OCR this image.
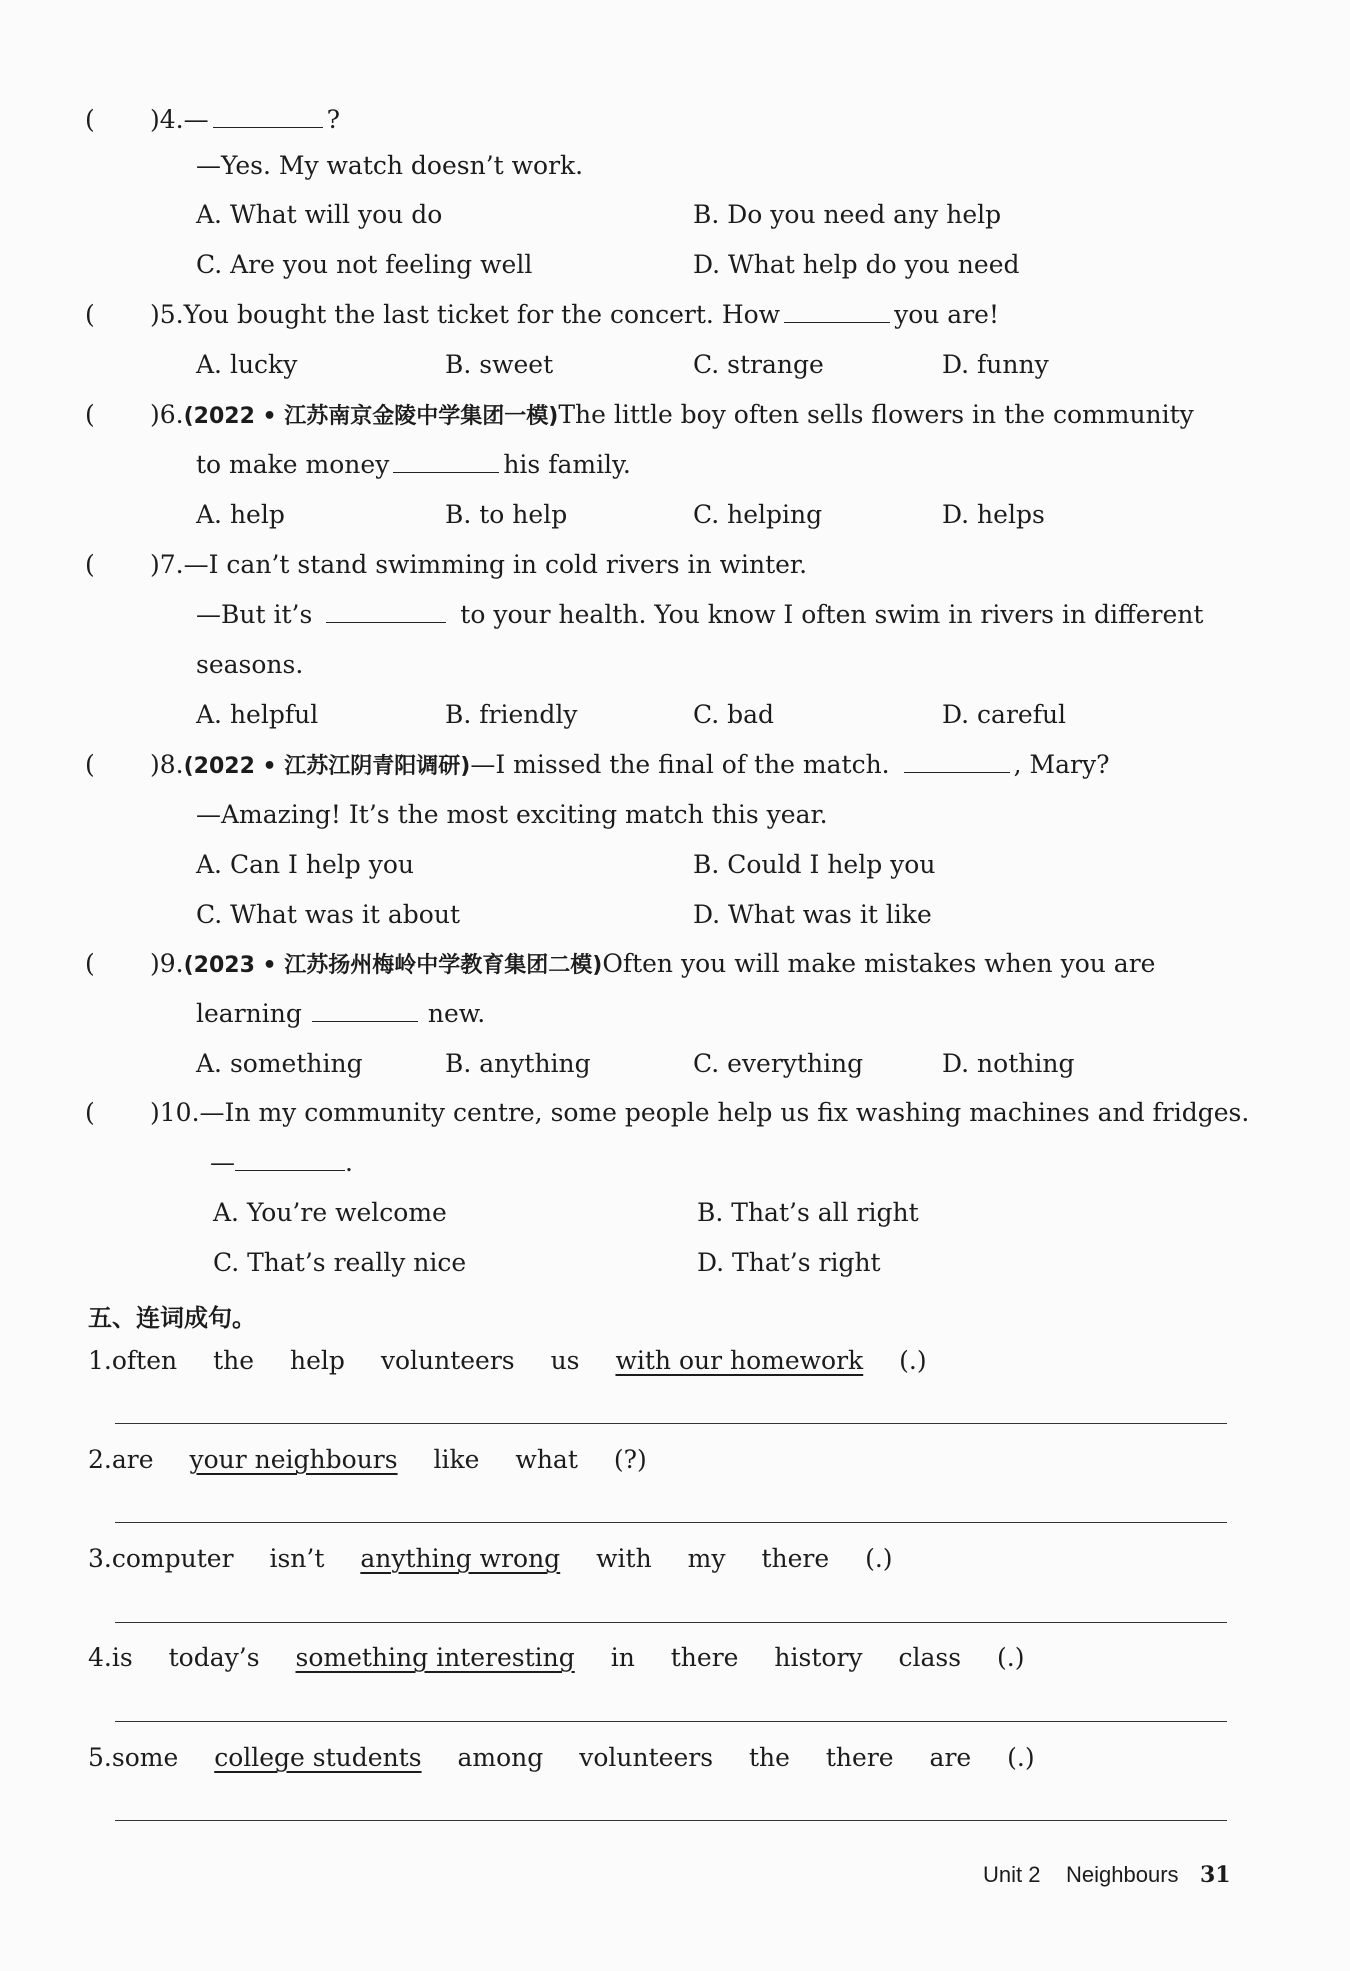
( )4.—	?
—Yes. My watch doesn’t work.
A. What will you do	B. Do you need any help
C. Are you not feeling well	D. What help do you need
( )5.You bought the last ticket for the concert. How	you are!
A. lucky	B. sweet	C. strange	D. funny
( )6.(2022 • 江苏南京金陵中学集团一模)The little boy often sells flowers in the community
to make money	his family.
A. help	B. to help	C. helping	D. helps
( )7.—I can’t stand swimming in cold rivers in winter.
—But it’s	to your health. You know I often swim in rivers in different
seasons.
A. helpful	B. friendly	C. bad	D. careful
( )8.(2022 • 江苏江阴青阳调研)—I missed the final of the match.	, Mary?
—Amazing! It’s the most exciting match this year.
A. Can I help you	B. Could I help you
C. What was it about	D. What was it like
( )9.(2023 • 江苏扬州梅岭中学教育集团二模)Often you will make mistakes when you are
learning	new.
A. something	B. anything	C. everything	D. nothing
( )10.—In my community centre, some people help us fix washing machines and fridges.
—	.
A. You’re welcome	B. That’s all right
C. That’s really nice	D. That’s right
五、连词成句。
1.often the help volunteers us with our homework (.)
2.are your neighbours like what (?)
3.computer isn’t anything wrong with my there (.)
4.is today’s something interesting in there history class (.)
5.some college students among volunteers the there are (.)
Unit 2 Neighbours 31
